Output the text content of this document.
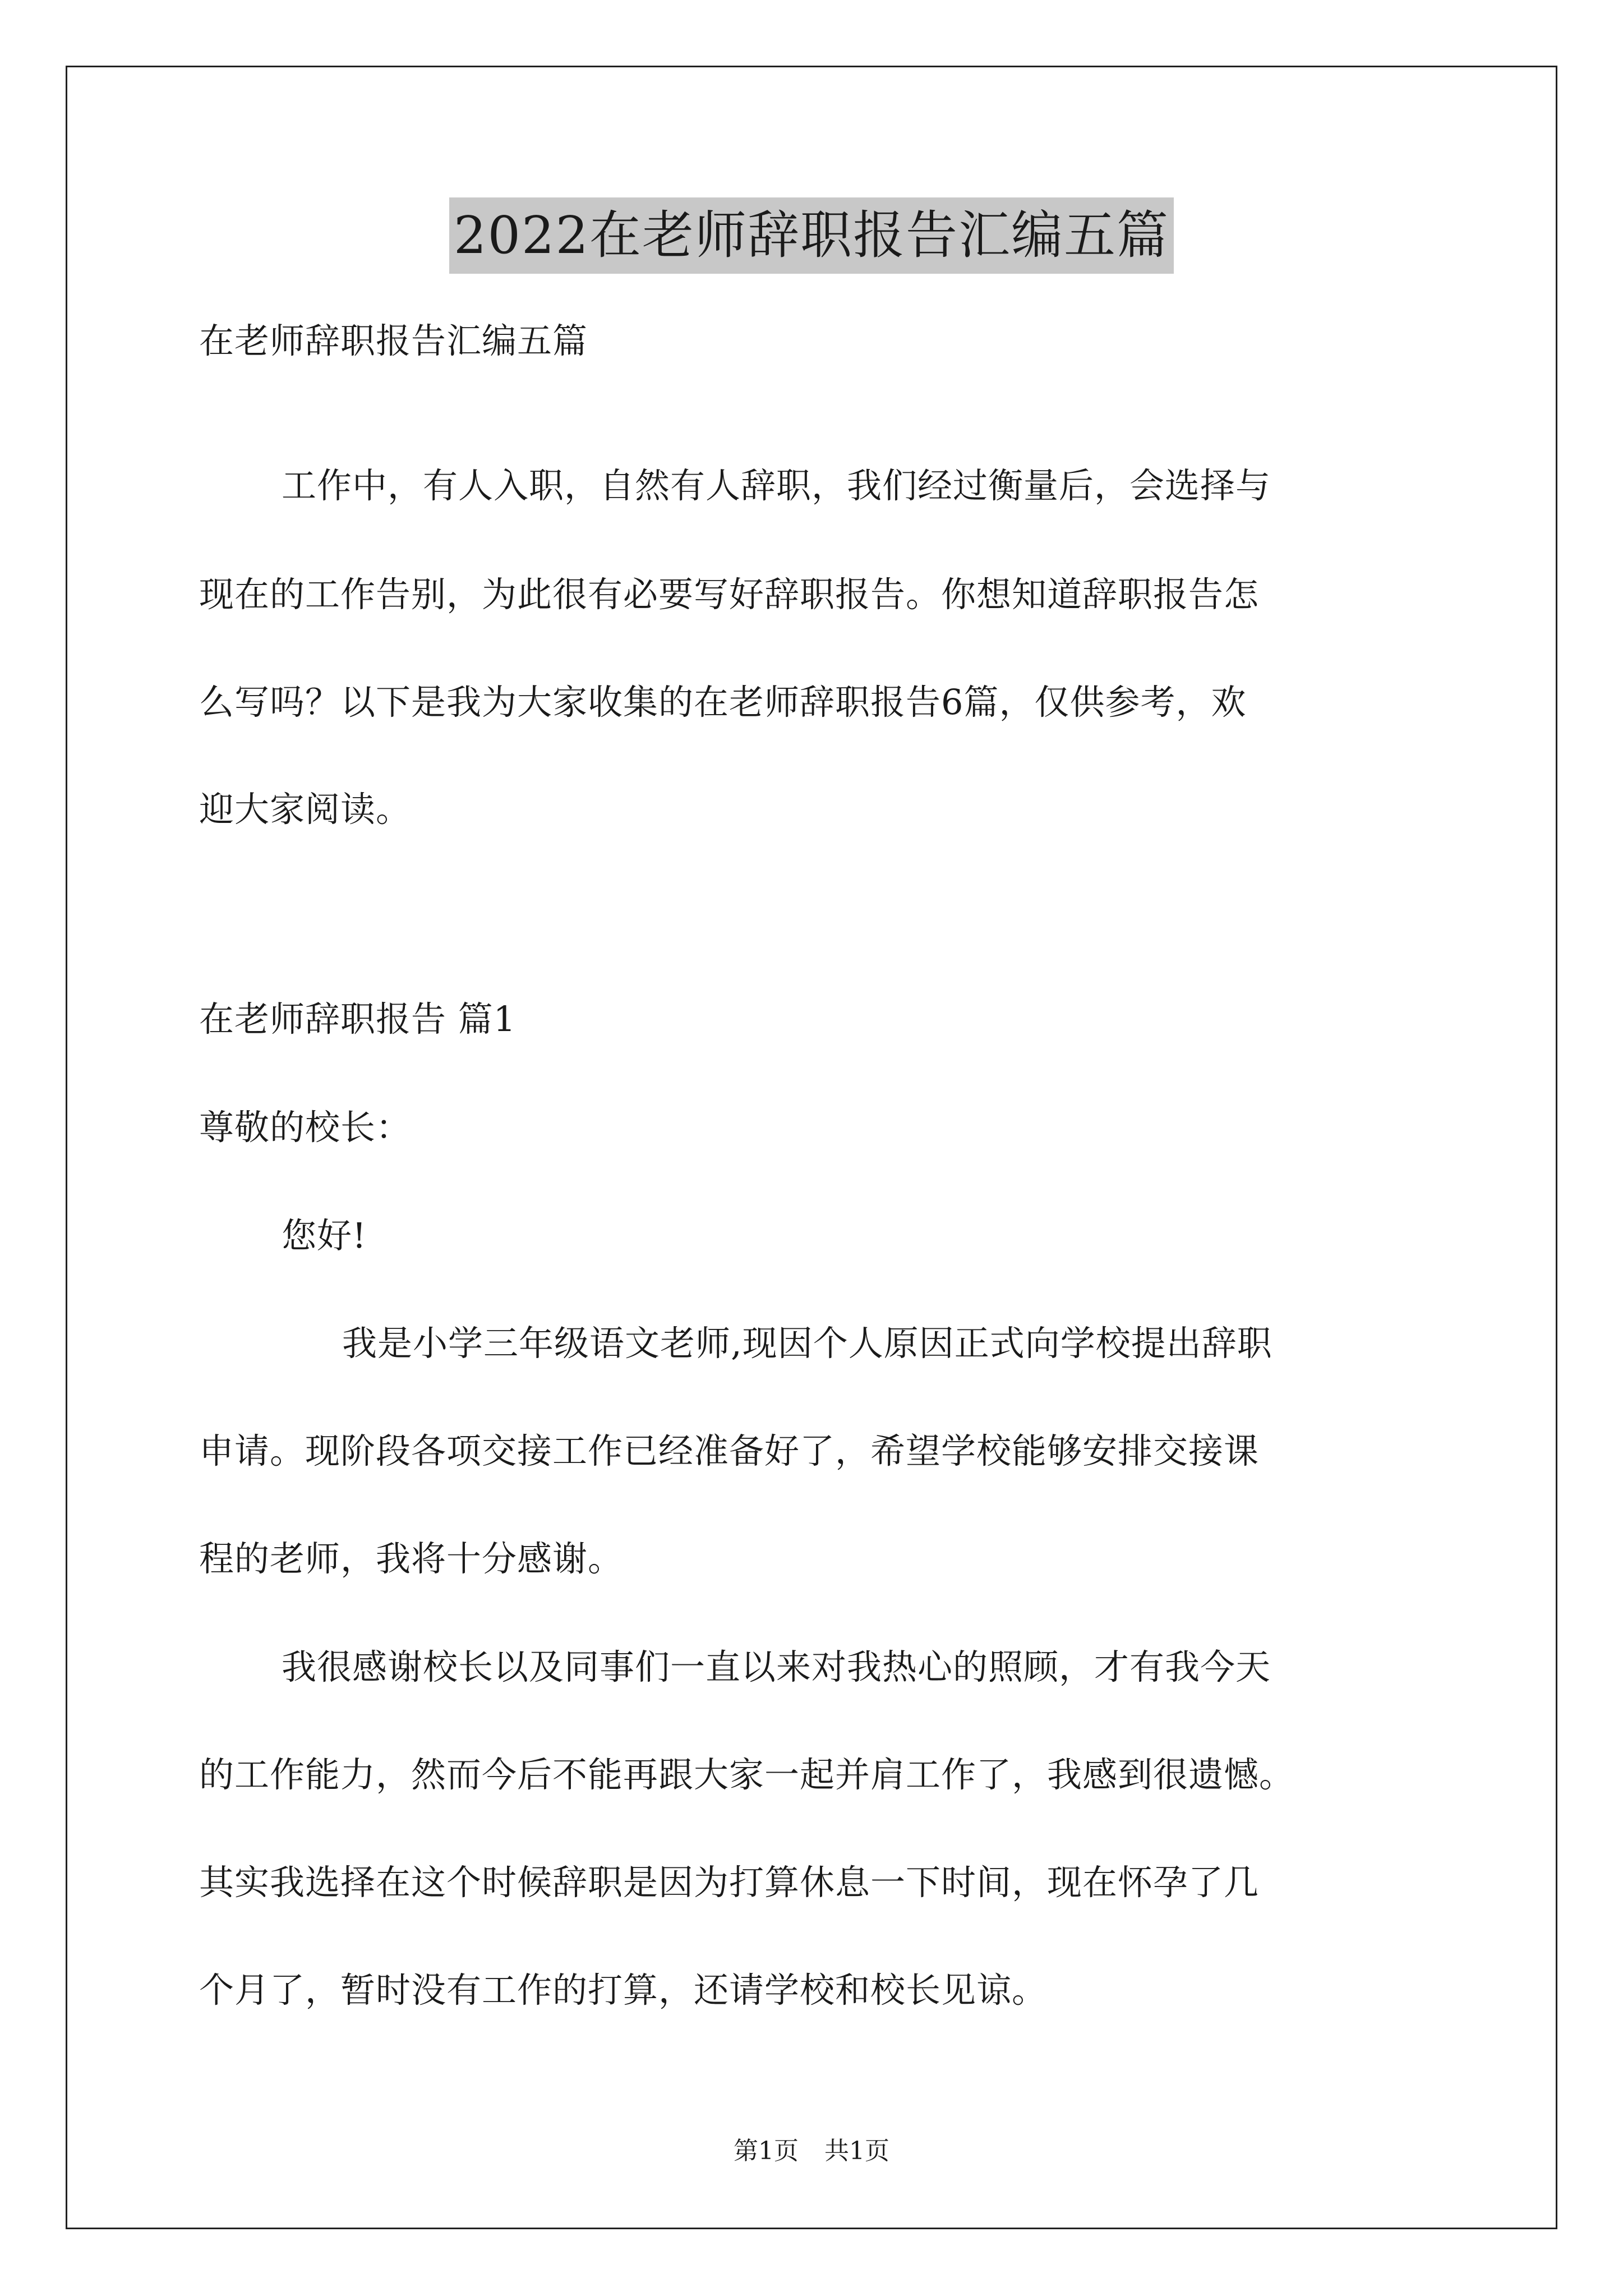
2022在老师辞职报告汇编五篇
在老师辞职报告汇编五篇
工作中，有人入职，自然有人辞职，我们经过衡量后，会选择与
现在的工作告别，为此很有必要写好辞职报告。你想知道辞职报告怎
么写吗？以下是我为大家收集的在老师辞职报告6篇，仅供参考，欢
迎大家阅读。
在老师辞职报告 篇1
尊敬的校长：
您好!
我是小学三年级语文老师,现因个人原因正式向学校提出辞职
申请。现阶段各项交接工作已经准备好了，希望学校能够安排交接课
程的老师，我将十分感谢。
我很感谢校长以及同事们一直以来对我热心的照顾，才有我今天
的工作能力，然而今后不能再跟大家一起并肩工作了，我感到很遗憾。
其实我选择在这个时候辞职是因为打算休息一下时间，现在怀孕了几
个月了，暂时没有工作的打算，还请学校和校长见谅。
第1页 共1页
